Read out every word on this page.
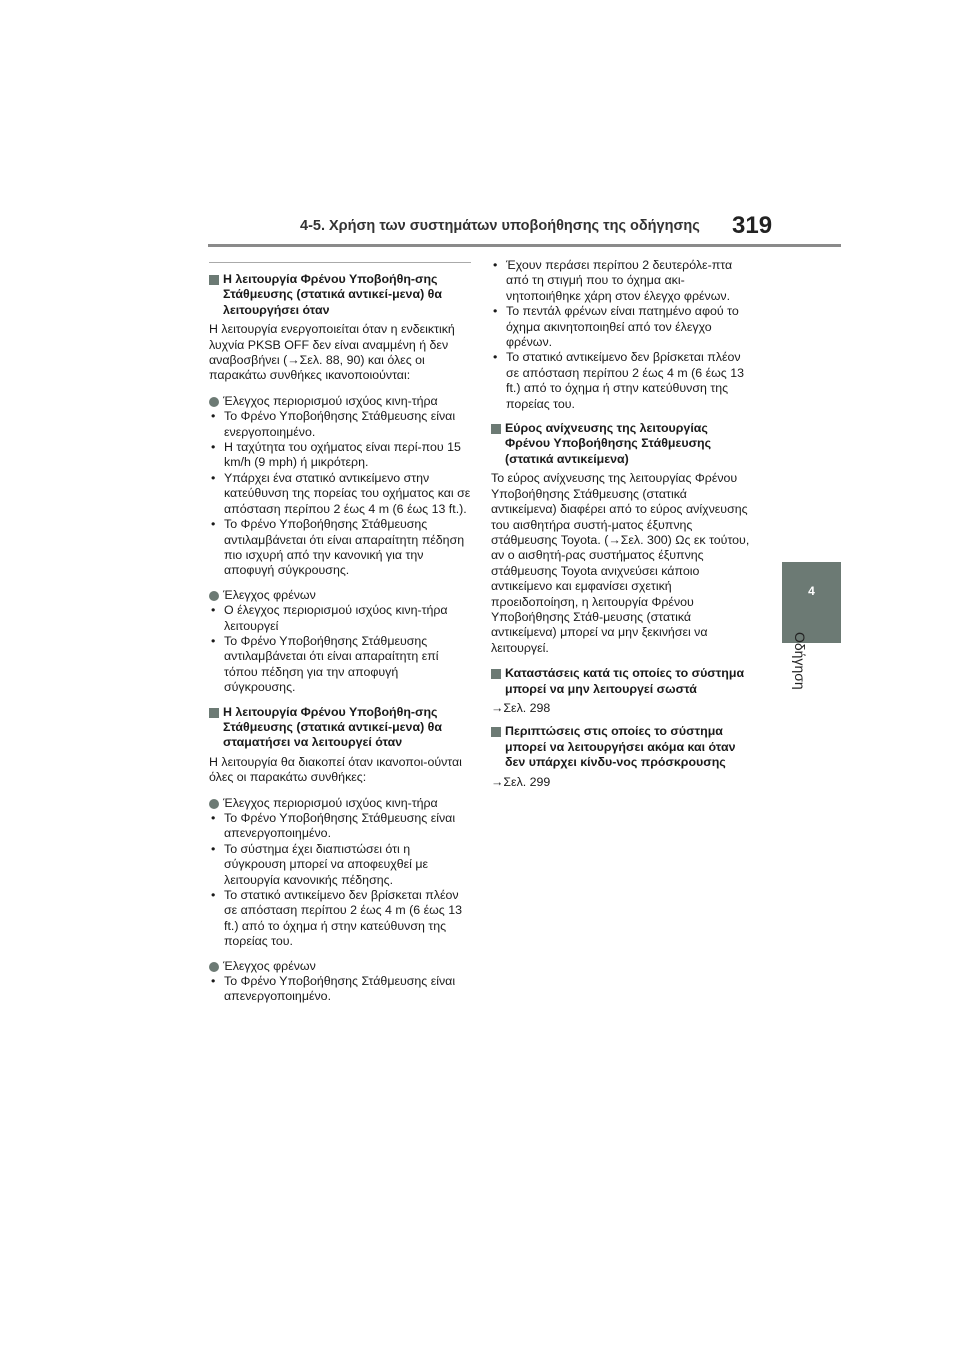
4-5. Χρήση των συστημάτων υποβοήθησης της οδήγησης	319
4
Οδήγηση
Η λειτουργία Φρένου Υποβοήθη-σης Στάθμευσης (στατικά αντικεί-μενα) θα λειτουργήσει όταν
Η λειτουργία ενεργοποιείται όταν η ενδεικτική λυχνία PKSB OFF δεν είναι αναμμένη ή δεν αναβοσβήνει (→Σελ. 88, 90) και όλες οι παρακάτω συνθήκες ικανοποιούνται:
Έλεγχος περιορισμού ισχύος κινη-τήρα
• Το Φρένο Υποβοήθησης Στάθμευσης είναι ενεργοποιημένο.
• Η ταχύτητα του οχήματος είναι περί-που 15 km/h (9 mph) ή μικρότερη.
• Υπάρχει ένα στατικό αντικείμενο στην κατεύθυνση της πορείας του οχήματος και σε απόσταση περίπου 2 έως 4 m (6 έως 13 ft.).
• Το Φρένο Υποβοήθησης Στάθμευσης αντιλαμβάνεται ότι είναι απαραίτητη πέδηση πιο ισχυρή από την κανονική για την αποφυγή σύγκρουσης.
Έλεγχος φρένων
• Ο έλεγχος περιορισμού ισχύος κινη-τήρα λειτουργεί
• Το Φρένο Υποβοήθησης Στάθμευσης αντιλαμβάνεται ότι είναι απαραίτητη επί τόπου πέδηση για την αποφυγή σύγκρουσης.
Η λειτουργία Φρένου Υποβοήθη-σης Στάθμευσης (στατικά αντικεί-μενα) θα σταματήσει να λειτουργεί όταν
Η λειτουργία θα διακοπεί όταν ικανοποι-ούνται όλες οι παρακάτω συνθήκες:
Έλεγχος περιορισμού ισχύος κινη-τήρα
• Το Φρένο Υποβοήθησης Στάθμευσης είναι απενεργοποιημένο.
• Το σύστημα έχει διαπιστώσει ότι η σύγκρουση μπορεί να αποφευχθεί με λειτουργία κανονικής πέδησης.
• Το στατικό αντικείμενο δεν βρίσκεται πλέον σε απόσταση περίπου 2 έως 4 m (6 έως 13 ft.) από το όχημα ή στην κατεύθυνση της πορείας του.
Έλεγχος φρένων
• Το Φρένο Υποβοήθησης Στάθμευσης είναι απενεργοποιημένο.
• Έχουν περάσει περίπου 2 δευτερόλε-πτα από τη στιγμή που το όχημα ακι-νητοποιήθηκε χάρη στον έλεγχο φρένων.
• Το πεντάλ φρένων είναι πατημένο αφού το όχημα ακινητοποιηθεί από τον έλεγχο φρένων.
• Το στατικό αντικείμενο δεν βρίσκεται πλέον σε απόσταση περίπου 2 έως 4 m (6 έως 13 ft.) από το όχημα ή στην κατεύθυνση της πορείας του.
Εύρος ανίχνευσης της λειτουργίας Φρένου Υποβοήθησης Στάθμευσης (στατικά αντικείμενα)
Το εύρος ανίχνευσης της λειτουργίας Φρένου Υποβοήθησης Στάθμευσης (στατικά αντικείμενα) διαφέρει από το εύρος ανίχνευσης του αισθητήρα συστή-ματος έξυπνης στάθμευσης Toyota. (→Σελ. 300) Ως εκ τούτου, αν ο αισθητή-ρας συστήματος έξυπνης στάθμευσης Toyota ανιχνεύσει κάποιο αντικείμενο και εμφανίσει σχετική προειδοποίηση, η λειτουργία Φρένου Υποβοήθησης Στάθ-μευσης (στατικά αντικείμενα) μπορεί να μην ξεκινήσει να λειτουργεί.
Καταστάσεις κατά τις οποίες το σύστημα μπορεί να μην λειτουργεί σωστά
→Σελ. 298
Περιπτώσεις στις οποίες το σύστημα μπορεί να λειτουργήσει ακόμα και όταν δεν υπάρχει κίνδυ-νος πρόσκρουσης
→Σελ. 299
